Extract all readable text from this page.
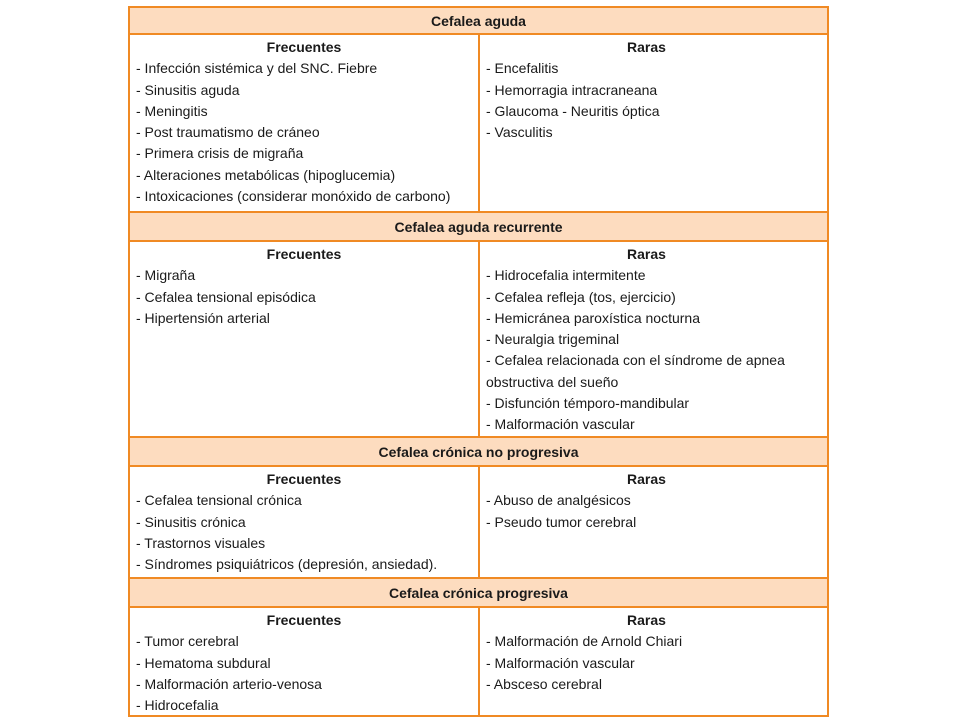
Cefalea aguda
Frecuentes
- Infección sistémica y del SNC. Fiebre
- Sinusitis aguda
- Meningitis
- Post traumatismo de cráneo
- Primera crisis de migraña
- Alteraciones metabólicas (hipoglucemia)
- Intoxicaciones (considerar monóxido de carbono)
Raras
- Encefalitis
- Hemorragia intracraneana
- Glaucoma - Neuritis óptica
- Vasculitis
Cefalea aguda recurrente
Frecuentes
- Migraña
- Cefalea tensional episódica
- Hipertensión arterial
Raras
- Hidrocefalia intermitente
- Cefalea refleja (tos, ejercicio)
- Hemicránea paroxística nocturna
- Neuralgia trigeminal
- Cefalea relacionada con el síndrome de apnea obstructiva del sueño
- Disfunción témporo-mandibular
- Malformación vascular
Cefalea crónica no progresiva
Frecuentes
- Cefalea tensional crónica
- Sinusitis crónica
- Trastornos visuales
- Síndromes psiquiátricos (depresión, ansiedad).
Raras
- Abuso de analgésicos
- Pseudo tumor cerebral
Cefalea crónica progresiva
Frecuentes
- Tumor cerebral
- Hematoma subdural
- Malformación arterio-venosa
- Hidrocefalia
Raras
- Malformación de Arnold Chiari
- Malformación vascular
- Absceso cerebral
